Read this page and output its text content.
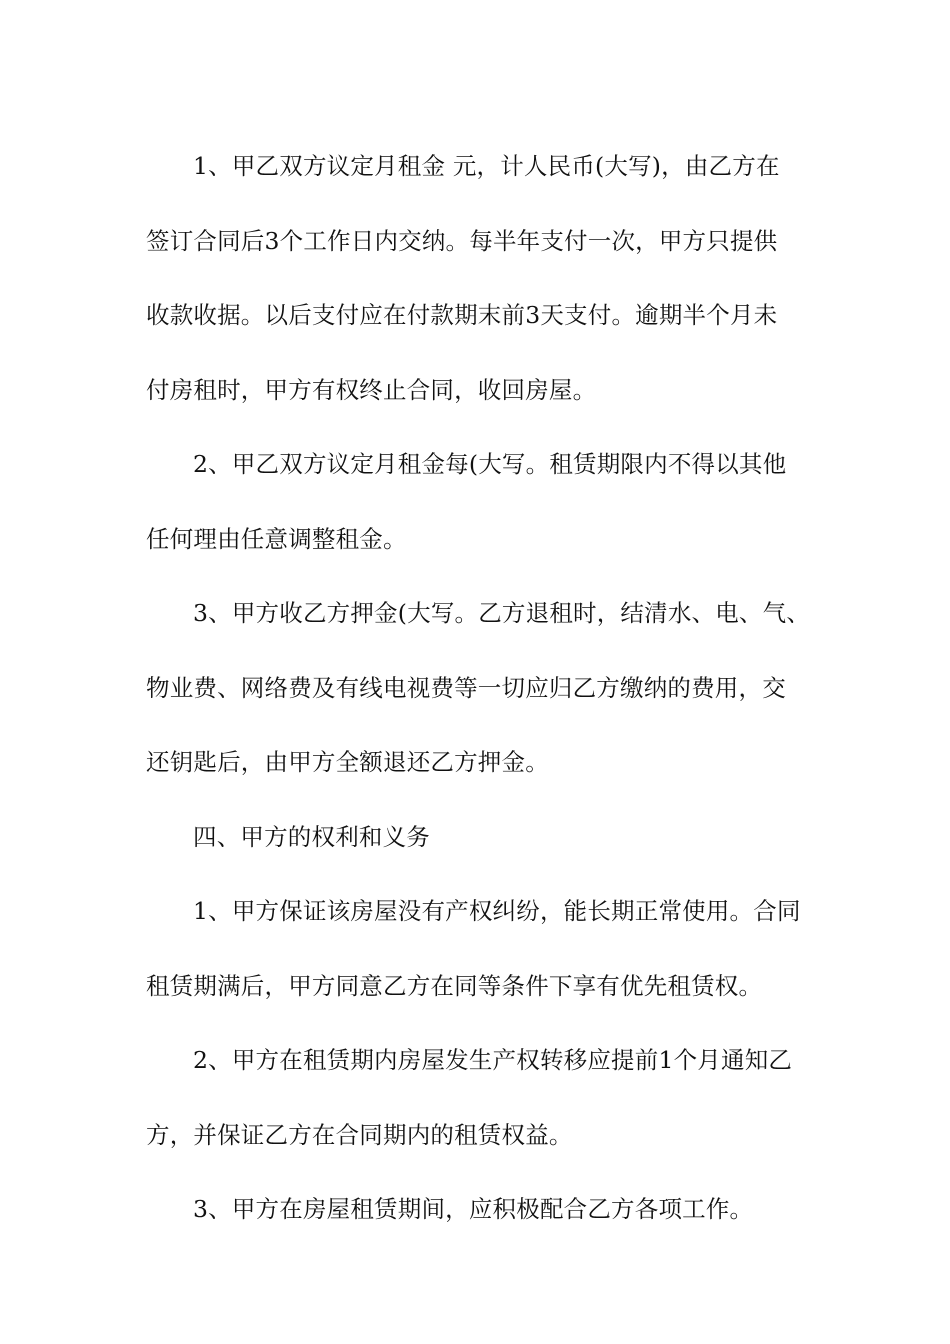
1、甲乙双方议定月租金 元，计人民币(大写)，由乙方在
签订合同后3个工作日内交纳。每半年支付一次，甲方只提供
收款收据。以后支付应在付款期末前3天支付。逾期半个月未
付房租时，甲方有权终止合同，收回房屋。
2、甲乙双方议定月租金每(大写。租赁期限内不得以其他
任何理由任意调整租金。
3、甲方收乙方押金(大写。乙方退租时，结清水、电、气、
物业费、网络费及有线电视费等一切应归乙方缴纳的费用，交
还钥匙后，由甲方全额退还乙方押金。
四、甲方的权利和义务
1、甲方保证该房屋没有产权纠纷，能长期正常使用。合同
租赁期满后，甲方同意乙方在同等条件下享有优先租赁权。
2、甲方在租赁期内房屋发生产权转移应提前1个月通知乙
方，并保证乙方在合同期内的租赁权益。
3、甲方在房屋租赁期间，应积极配合乙方各项工作。
